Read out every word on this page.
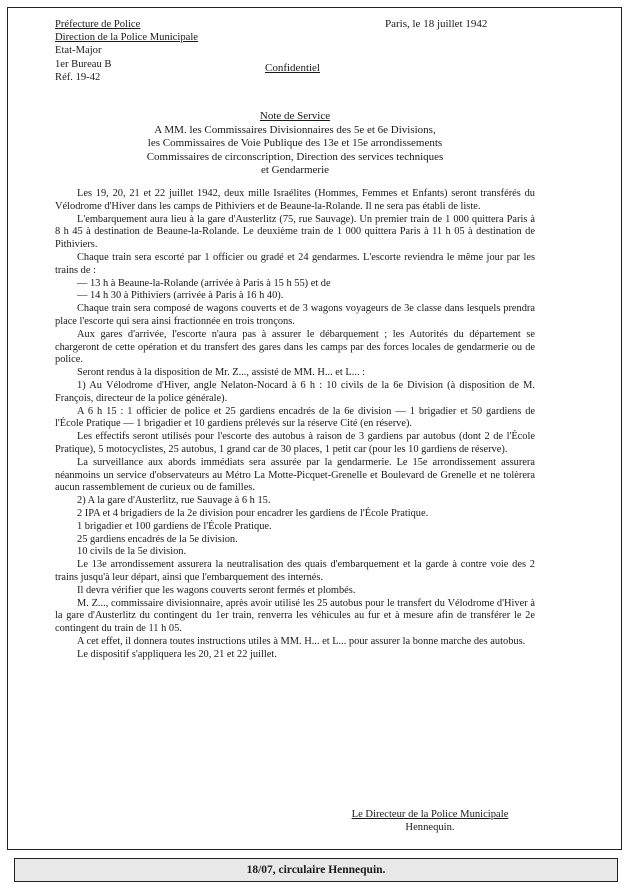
Préfecture de Police
Direction de la Police Municipale
Etat-Major
1er Bureau B
Réf. 19-42
Paris, le 18 juillet 1942
Confidentiel
Note de Service
A MM. les Commissaires Divisionnaires des 5e et 6e Divisions,
les Commissaires de Voie Publique des 13e et 15e arrondissements
Commissaires de circonscription, Direction des services techniques
et Gendarmerie

Les 19, 20, 21 et 22 juillet 1942, deux mille Israélites (Hommes, Femmes et Enfants) seront transférés du Vélodrome d'Hiver dans les camps de Pithiviers et de Beaune-la-Rolande. Il ne sera pas établi de liste.

L'embarquement aura lieu à la gare d'Austerlitz (75, rue Sauvage). Un premier train de 1 000 quittera Paris à 8 h 45 à destination de Beaune-la-Rolande. Le deuxième train de 1 000 quittera Paris à 11 h 05 à destination de Pithiviers.

Chaque train sera escorté par 1 officier ou gradé et 24 gendarmes. L'escorte reviendra le même jour par les trains de :

— 13 h à Beaune-la-Rolande (arrivée à Paris à 15 h 55) et de

— 14 h 30 à Pithiviers (arrivée à Paris à 16 h 40).

Chaque train sera composé de wagons couverts et de 3 wagons voyageurs de 3e classe dans lesquels prendra place l'escorte qui sera ainsi fractionnée en trois tronçons.

Aux gares d'arrivée, l'escorte n'aura pas à assurer le débarquement ; les Autorités du département se chargeront de cette opération et du transfert des gares dans les camps par des forces locales de gendarmerie ou de police.

Seront rendus à la disposition de Mr. Z..., assisté de MM. H... et L... :

1) Au Vélodrome d'Hiver, angle Nelaton-Nocard à 6 h : 10 civils de la 6e Division (à disposition de M. François, directeur de la police générale).

A 6 h 15 : 1 officier de police et 25 gardiens encadrés de la 6e division — 1 brigadier et 50 gardiens de l'École Pratique — 1 brigadier et 10 gardiens prélevés sur la réserve Cité (en réserve).

Les effectifs seront utilisés pour l'escorte des autobus à raison de 3 gardiens par autobus (dont 2 de l'École Pratique), 5 motocyclistes, 25 autobus, 1 grand car de 30 places, 1 petit car (pour les 10 gardiens de réserve).

La surveillance aux abords immédiats sera assurée par la gendarmerie. Le 15e arrondissement assurera néanmoins un service d'observateurs au Métro La Motte-Picquet-Grenelle et Boulevard de Grenelle et ne tolèrera aucun rassemblement de curieux ou de familles.

2) A la gare d'Austerlitz, rue Sauvage à 6 h 15.

2 IPA et 4 brigadiers de la 2e division pour encadrer les gardiens de l'École Pratique.

1 brigadier et 100 gardiens de l'École Pratique.

25 gardiens encadrés de la 5e division.

10 civils de la 5e division.

Le 13e arrondissement assurera la neutralisation des quais d'embarquement et la garde à contre voie des 2 trains jusqu'à leur départ, ainsi que l'embarquement des internés.

Il devra vérifier que les wagons couverts seront fermés et plombés.

M. Z..., commissaire divisionnaire, après avoir utilisé les 25 autobus pour le transfert du Vélodrome d'Hiver à la gare d'Austerlitz du contingent du 1er train, renverra les véhicules au fur et à mesure afin de transférer le 2e contingent du train de 11 h 05.

A cet effet, il donnera toutes instructions utiles à MM. H... et L... pour assurer la bonne marche des autobus.

Le dispositif s'appliquera les 20, 21 et 22 juillet.

Le Directeur de la Police Municipale
Hennequin.
18/07, circulaire Hennequin.
